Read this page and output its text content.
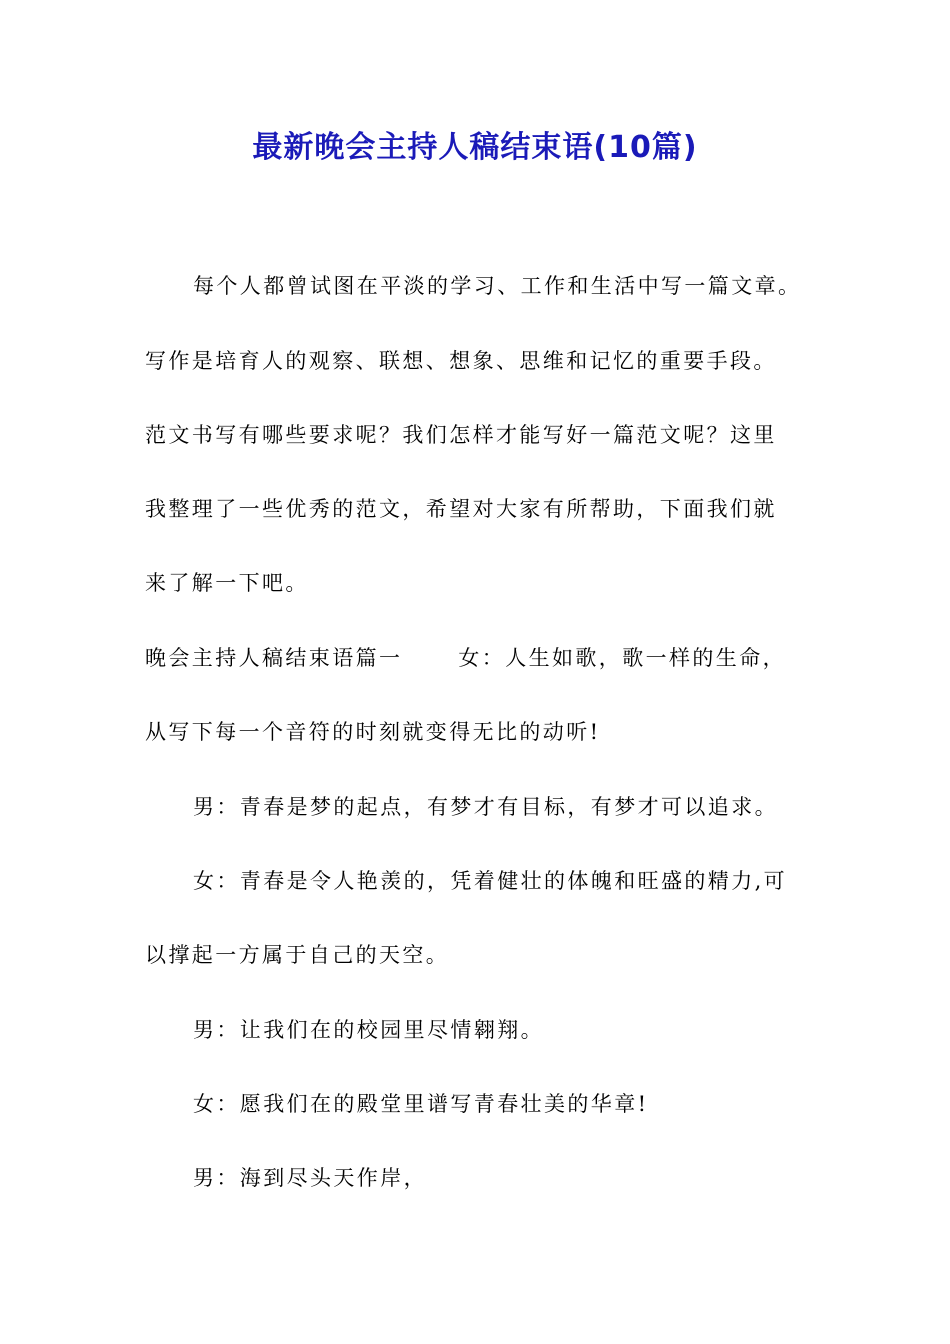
最新晚会主持人稿结束语(10篇)
每个人都曾试图在平淡的学习、工作和生活中写一篇文章。
写作是培育人的观察、联想、想象、思维和记忆的重要手段。
范文书写有哪些要求呢？我们怎样才能写好一篇范文呢？这里
我整理了一些优秀的范文，希望对大家有所帮助，下面我们就
来了解一下吧。
晚会主持人稿结束语篇一	女：人生如歌，歌一样的生命，
从写下每一个音符的时刻就变得无比的动听!
男：青春是梦的起点，有梦才有目标，有梦才可以追求。
女：青春是令人艳羡的，凭着健壮的体魄和旺盛的精力,可
以撑起一方属于自己的天空。
男：让我们在的校园里尽情翱翔。
女：愿我们在的殿堂里谱写青春壮美的华章!
男：海到尽头天作岸，
